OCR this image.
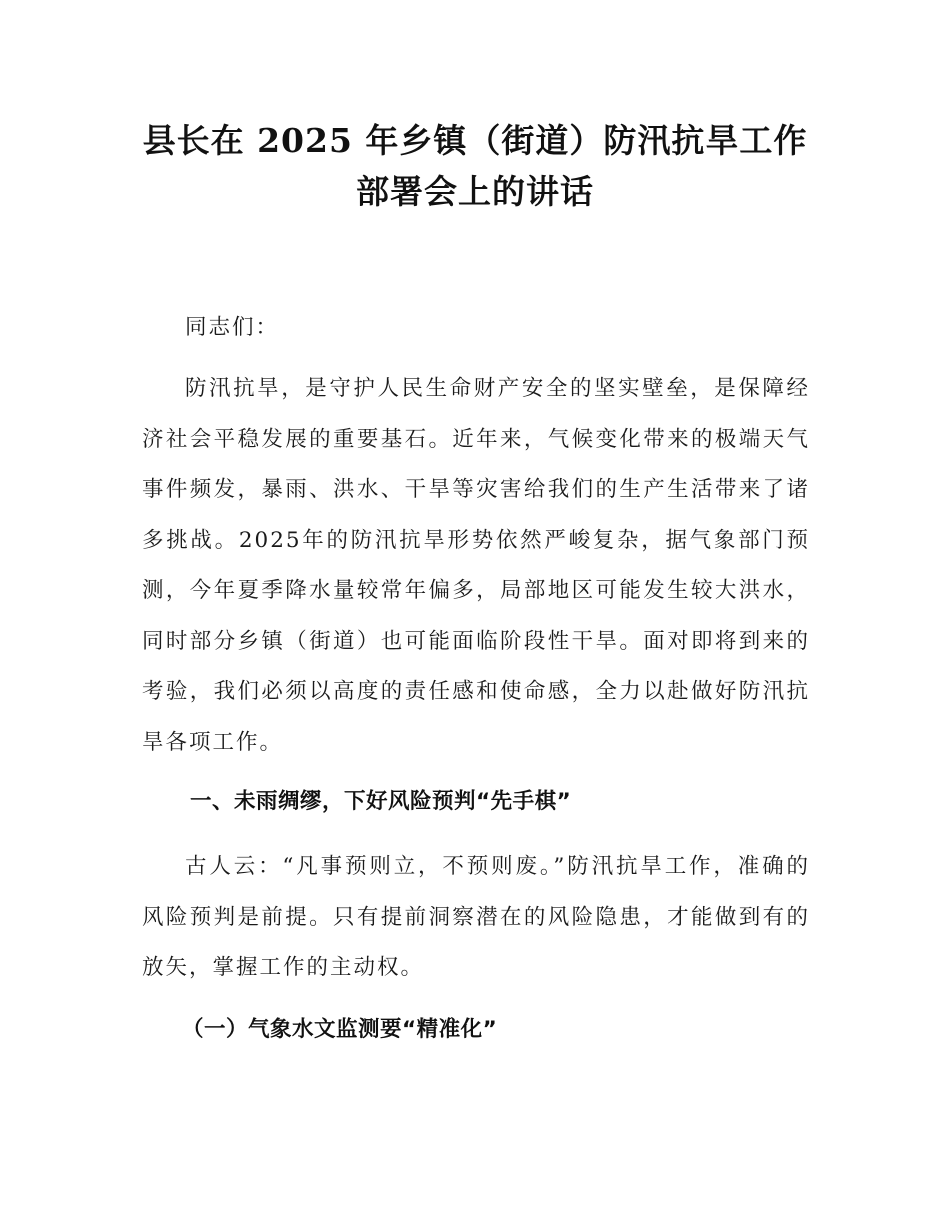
县长在 2025 年乡镇（街道）防汛抗旱工作
部署会上的讲话

同志们：

防汛抗旱，是守护人民生命财产安全的坚实壁垒，是保障经济社会平稳发展的重要基石。近年来，气候变化带来的极端天气事件频发，暴雨、洪水、干旱等灾害给我们的生产生活带来了诸多挑战。2025年的防汛抗旱形势依然严峻复杂，据气象部门预测，今年夏季降水量较常年偏多，局部地区可能发生较大洪水，同时部分乡镇（街道）也可能面临阶段性干旱。面对即将到来的考验，我们必须以高度的责任感和使命感，全力以赴做好防汛抗旱各项工作。

一、未雨绸缪，下好风险预判“先手棋”

古人云：“凡事预则立，不预则废。”防汛抗旱工作，准确的风险预判是前提。只有提前洞察潜在的风险隐患，才能做到有的放矢，掌握工作的主动权。

（一）气象水文监测要“精准化”
